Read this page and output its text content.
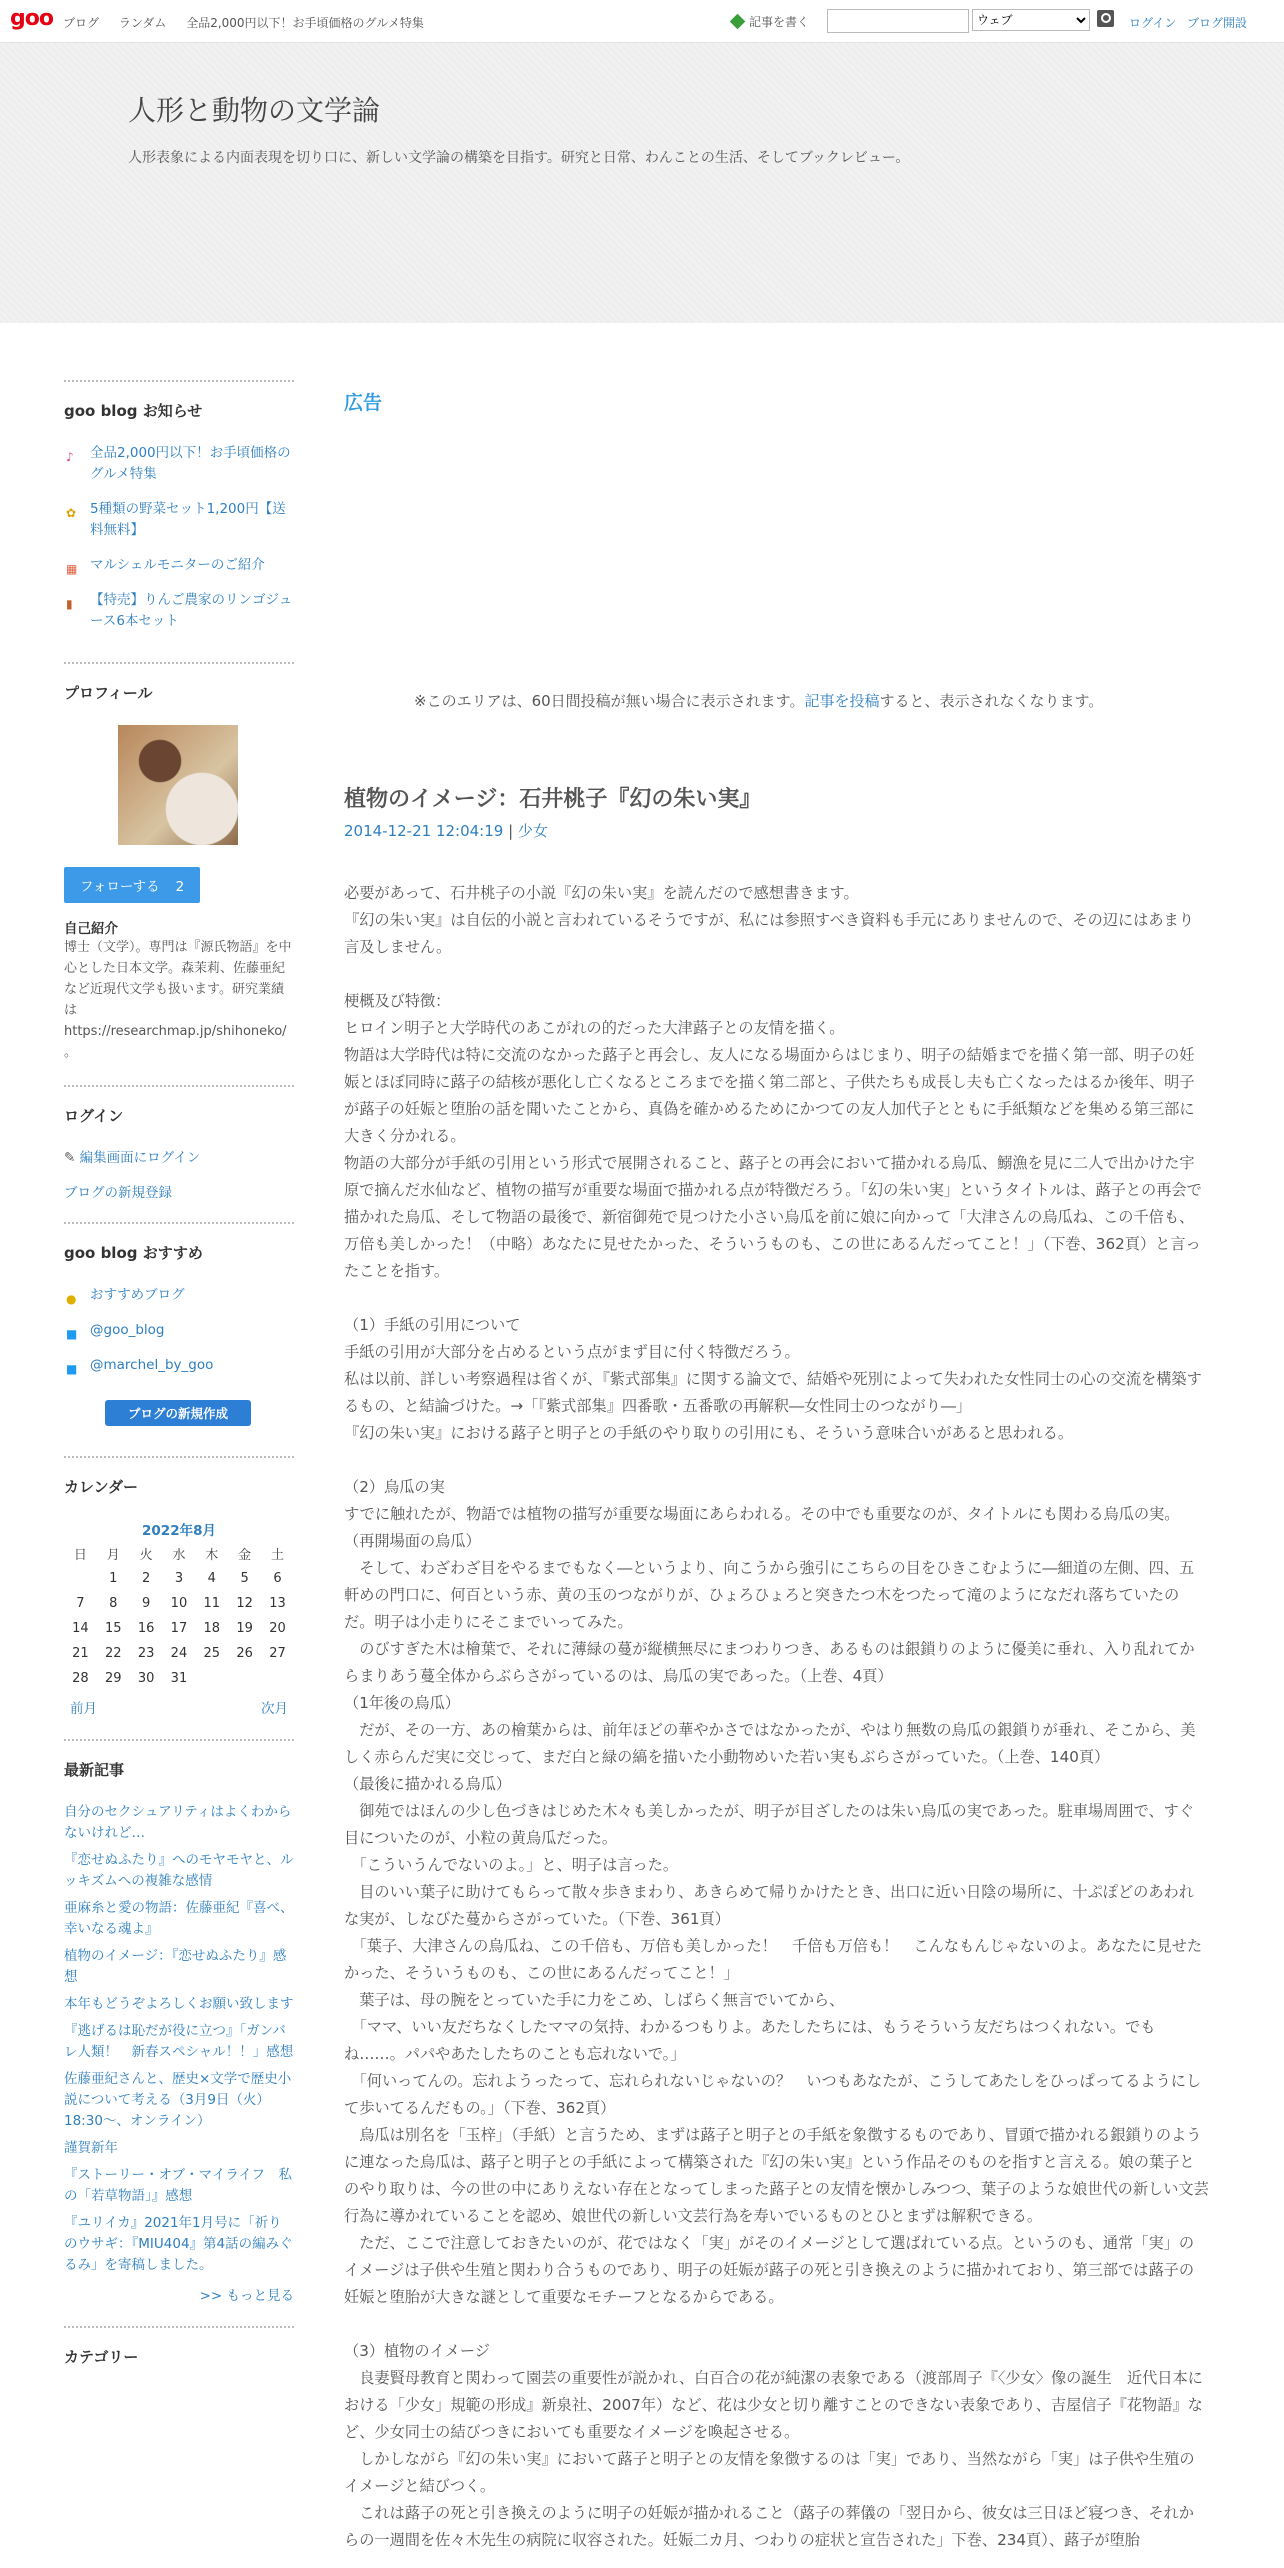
goo ブログ ランダム 全品2,000円以下！お手頃価格のグルメ特集	記事を書く
ウェブ	ログイン ブログ開設
人形と動物の文学論
人形表象による内面表現を切り口に、新しい文学論の構築を目指す。研究と日常、わんことの生活、そしてブックレビュー。
goo blog お知らせ
♪ 全品2,000円以下！お手頃価格のグルメ特集
✿ 5種類の野菜セット1,200円【送料無料】
▦ マルシェルモニターのご紹介
▮ 【特売】りんご農家のリンゴジュース6本セット
プロフィール
フォローする 2
自己紹介
博士（文学）。専門は『源氏物語』を中心とした日本文学。森茉莉、佐藤亜紀など近現代文学も扱います。研究業績は https://researchmap.jp/shihoneko/ 。
ログイン
✎ 編集画面にログイン
ブログの新規登録
goo blog おすすめ
● おすすめブログ
■ @goo_blog
■ @marchel_by_goo
ブログの新規作成
カレンダー
2022年8月
日	月	火	水	木	金	土
	1	2	3	4	5	6
7	8	9	10	11	12	13
14	15	16	17	18	19	20
21	22	23	24	25	26	27
28	29	30	31			
前月	次月
最新記事
自分のセクシュアリティはよくわからないけれど…
『恋せぬふたり』へのモヤモヤと、ルッキズムへの複雑な感情
亜麻糸と愛の物語：佐藤亜紀『喜べ、幸いなる魂よ』
植物のイメージ：『恋せぬふたり』感想
本年もどうぞよろしくお願い致します
『逃げるは恥だが役に立つ』「ガンバレ人類！　新春スペシャル！！」感想
佐藤亜紀さんと、歴史×文学で歴史小説について考える（3月9日（火）18:30～、オンライン）
謹賀新年
『ストーリー・オブ・マイライフ　私の「若草物語」』感想
『ユリイカ』2021年1月号に「祈りのウサギ：『MIU404』第4話の編みぐるみ」を寄稿しました。
>> もっと見る
カテゴリー
広告
※このエリアは、60日間投稿が無い場合に表示されます。記事を投稿すると、表示されなくなります。
植物のイメージ：石井桃子『幻の朱い実』
2014-12-21 12:04:19 | 少女

必要があって、石井桃子の小説『幻の朱い実』を読んだので感想書きます。

『幻の朱い実』は自伝的小説と言われているそうですが、私には参照すべき資料も手元にありませんので、その辺にはあまり言及しません。

梗概及び特徴：

ヒロイン明子と大学時代のあこがれの的だった大津蕗子との友情を描く。

物語は大学時代は特に交流のなかった蕗子と再会し、友人になる場面からはじまり、明子の結婚までを描く第一部、明子の妊娠とほぼ同時に蕗子の結核が悪化し亡くなるところまでを描く第二部と、子供たちも成長し夫も亡くなったはるか後年、明子が蕗子の妊娠と堕胎の話を聞いたことから、真偽を確かめるためにかつての友人加代子とともに手紙類などを集める第三部に大きく分かれる。

物語の大部分が手紙の引用という形式で展開されること、蕗子との再会において描かれる烏瓜、鰯漁を見に二人で出かけた宇原で摘んだ水仙など、植物の描写が重要な場面で描かれる点が特徴だろう。「幻の朱い実」というタイトルは、蕗子との再会で描かれた烏瓜、そして物語の最後で、新宿御苑で見つけた小さい烏瓜を前に娘に向かって「大津さんの烏瓜ね、この千倍も、万倍も美しかった！（中略）あなたに見せたかった、そういうものも、この世にあるんだってこと！」（下巻、362頁）と言ったことを指す。

（1）手紙の引用について

手紙の引用が大部分を占めるという点がまず目に付く特徴だろう。

私は以前、詳しい考察過程は省くが、『紫式部集』に関する論文で、結婚や死別によって失われた女性同士の心の交流を構築するもの、と結論づけた。→「『紫式部集』四番歌・五番歌の再解釈―女性同士のつながり―」

『幻の朱い実』における蕗子と明子との手紙のやり取りの引用にも、そういう意味合いがあると思われる。

（2）烏瓜の実

すでに触れたが、物語では植物の描写が重要な場面にあらわれる。その中でも重要なのが、タイトルにも関わる烏瓜の実。

（再開場面の烏瓜）

　そして、わざわざ目をやるまでもなく―というより、向こうから強引にこちらの目をひきこむように―細道の左側、四、五軒めの門口に、何百という赤、黄の玉のつながりが、ひょろひょろと突きたつ木をつたって滝のようになだれ落ちていたのだ。明子は小走りにそこまでいってみた。

　のびすぎた木は檜葉で、それに薄緑の蔓が縦横無尽にまつわりつき、あるものは銀鎖りのように優美に垂れ、入り乱れてからまりあう蔓全体からぶらさがっているのは、烏瓜の実であった。（上巻、4頁）

（1年後の烏瓜）

　だが、その一方、あの檜葉からは、前年ほどの華やかさではなかったが、やはり無数の烏瓜の銀鎖りが垂れ、そこから、美しく赤らんだ実に交じって、まだ白と緑の縞を描いた小動物めいた若い実もぶらさがっていた。（上巻、140頁）

（最後に描かれる烏瓜）

　御苑ではほんの少し色づきはじめた木々も美しかったが、明子が目ざしたのは朱い烏瓜の実であった。駐車場周囲で、すぐ目についたのが、小粒の黄烏瓜だった。

　「こういうんでないのよ。」と、明子は言った。

　目のいい葉子に助けてもらって散々歩きまわり、あきらめて帰りかけたとき、出口に近い日陰の場所に、十ぷぽどのあわれな実が、しなびた蔓からさがっていた。（下巻、361頁）

　「葉子、大津さんの烏瓜ね、この千倍も、万倍も美しかった！　千倍も万倍も！　こんなもんじゃないのよ。あなたに見せたかった、そういうものも、この世にあるんだってこと！」

　葉子は、母の腕をとっていた手に力をこめ、しばらく無言でいてから、

　「ママ、いい友だちなくしたママの気持、わかるつもりよ。あたしたちには、もうそういう友だちはつくれない。でもね……。パパやあたしたちのことも忘れないで。」

　「何いってんの。忘れようったって、忘れられないじゃないの？　いつもあなたが、こうしてあたしをひっぱってるようにして歩いてるんだもの。」（下巻、362頁）

　烏瓜は別名を「玉梓」（手紙）と言うため、まずは蕗子と明子との手紙を象徴するものであり、冒頭で描かれる銀鎖りのように連なった烏瓜は、蕗子と明子との手紙によって構築された『幻の朱い実』という作品そのものを指すと言える。娘の葉子とのやり取りは、今の世の中にありえない存在となってしまった蕗子との友情を懐かしみつつ、葉子のような娘世代の新しい文芸行為に導かれていることを認め、娘世代の新しい文芸行為を寿いでいるものとひとまずは解釈できる。

　ただ、ここで注意しておきたいのが、花ではなく「実」がそのイメージとして選ばれている点。というのも、通常「実」のイメージは子供や生殖と関わり合うものであり、明子の妊娠が蕗子の死と引き換えのように描かれており、第三部では蕗子の妊娠と堕胎が大きな謎として重要なモチーフとなるからである。

（3）植物のイメージ

　良妻賢母教育と関わって園芸の重要性が説かれ、白百合の花が純潔の表象である（渡部周子『〈少女〉像の誕生　近代日本における「少女」規範の形成』新泉社、2007年）など、花は少女と切り離すことのできない表象であり、吉屋信子『花物語』など、少女同士の結びつきにおいても重要なイメージを喚起させる。

　しかしながら『幻の朱い実』において蕗子と明子との友情を象徴するのは「実」であり、当然ながら「実」は子供や生殖のイメージと結びつく。

　これは蕗子の死と引き換えのように明子の妊娠が描かれること（蕗子の葬儀の「翌日から、彼女は三日ほど寝つき、それからの一週間を佐々木先生の病院に収容された。妊娠二カ月、つわりの症状と宣告された」下巻、234頁）、蕗子が堕胎
